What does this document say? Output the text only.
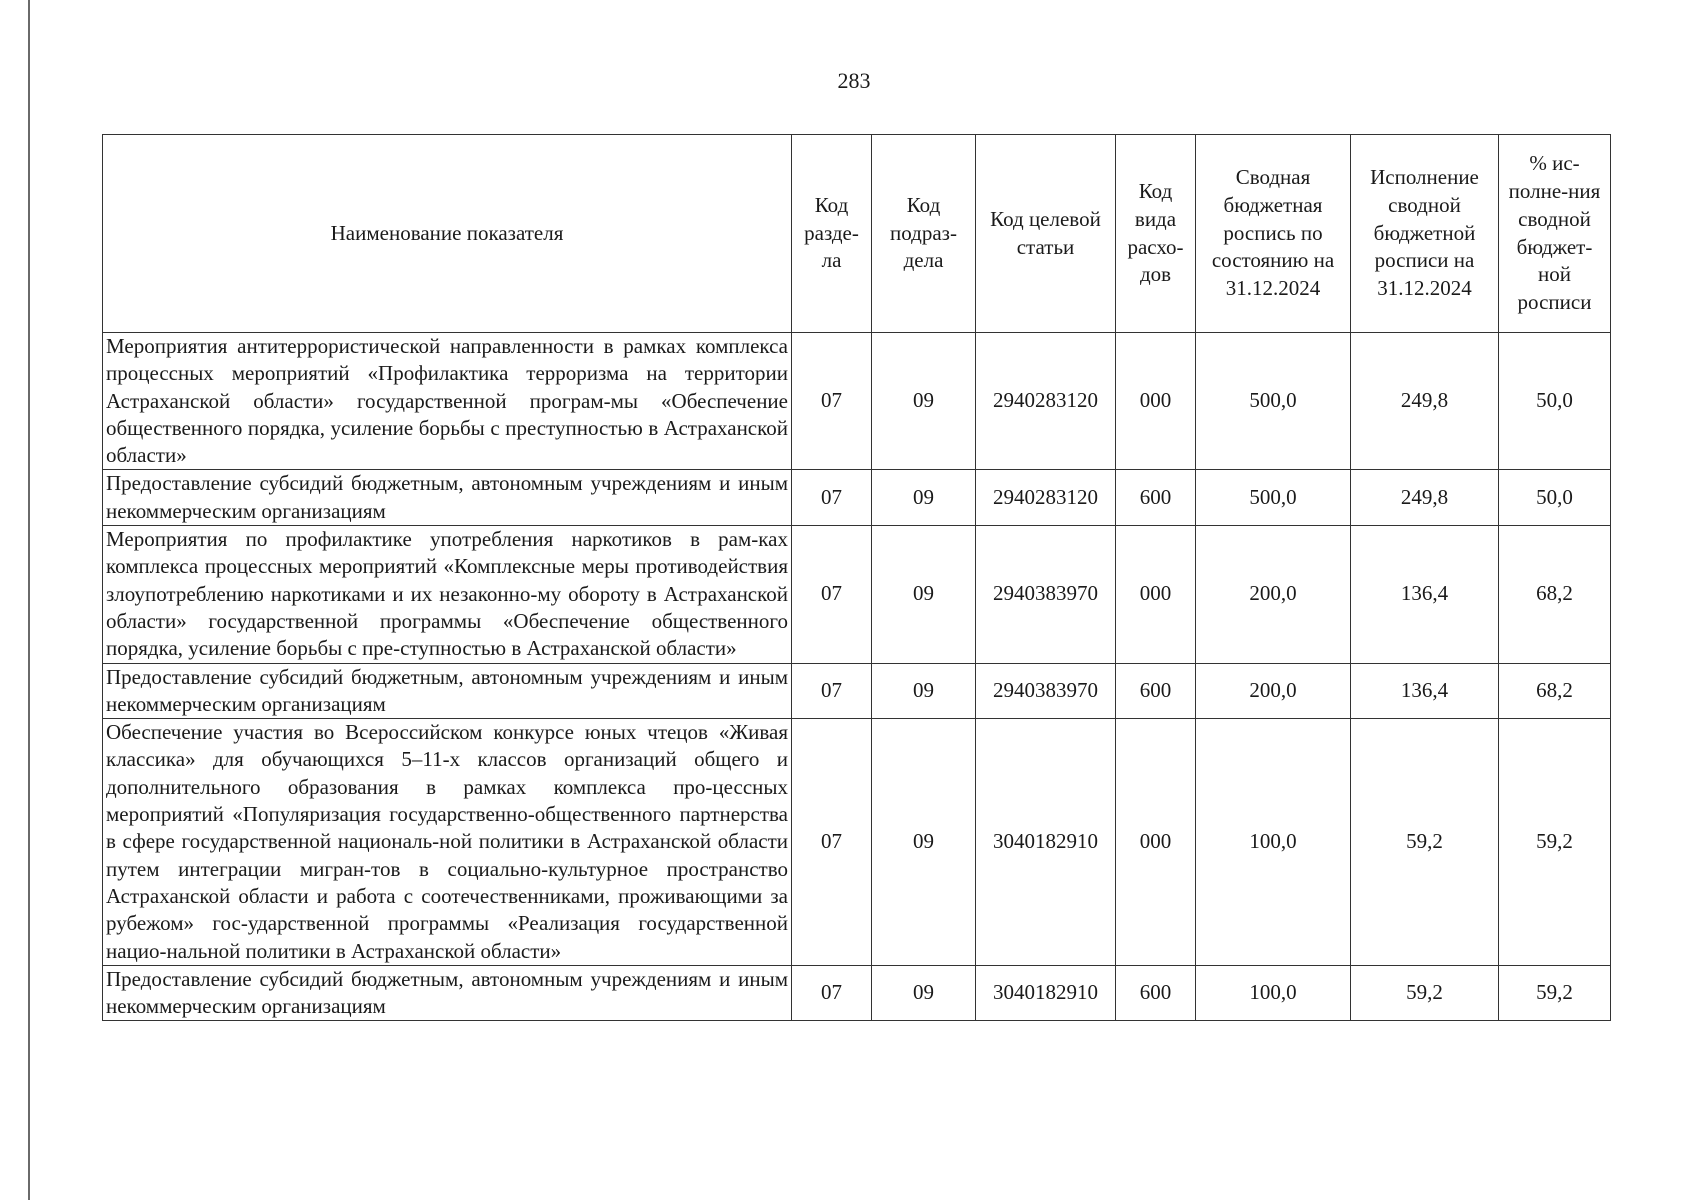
283
Наименование показателя	Код разде-ла	Код подраз-дела	Код целевой статьи	Код вида расхо-дов	Сводная бюджетная роспись по состоянию на 31.12.2024	Исполнение сводной бюджетной росписи на 31.12.2024	% ис-полне-ния сводной бюджет-ной росписи
Мероприятия антитеррористической направленности в рамках комплекса процессных мероприятий «Профилактика терроризма на территории Астраханской области» государственной програм-мы «Обеспечение общественного порядка, усиление борьбы с преступностью в Астраханской области»	07	09	2940283120	000	500,0	249,8	50,0
Предоставление субсидий бюджетным, автономным учреждениям и иным некоммерческим организациям	07	09	2940283120	600	500,0	249,8	50,0
Мероприятия по профилактике употребления наркотиков в рам-ках комплекса процессных мероприятий «Комплексные меры противодействия злоупотреблению наркотиками и их незаконно-му обороту в Астраханской области» государственной программы «Обеспечение общественного порядка, усиление борьбы с пре-ступностью в Астраханской области»	07	09	2940383970	000	200,0	136,4	68,2
Предоставление субсидий бюджетным, автономным учреждениям и иным некоммерческим организациям	07	09	2940383970	600	200,0	136,4	68,2
Обеспечение участия во Всероссийском конкурсе юных чтецов «Живая классика» для обучающихся 5–11-х классов организаций общего и дополнительного образования в рамках комплекса про-цессных мероприятий «Популяризация государственно-общественного партнерства в сфере государственной националь-ной политики в Астраханской области путем интеграции мигран-тов в социально-культурное пространство Астраханской области и работа с соотечественниками, проживающими за рубежом» гос-ударственной программы «Реализация государственной нацио-нальной политики в Астраханской области»	07	09	3040182910	000	100,0	59,2	59,2
Предоставление субсидий бюджетным, автономным учреждениям и иным некоммерческим организациям	07	09	3040182910	600	100,0	59,2	59,2
